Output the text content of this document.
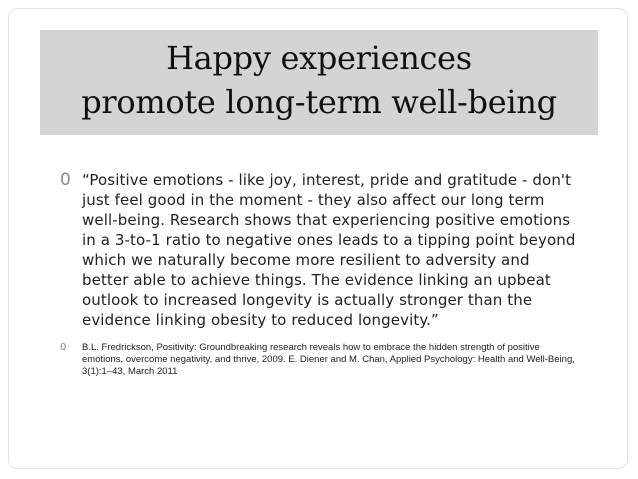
Happy experiences
promote long-term well-being
0 “Positive emotions - like joy, interest, pride and gratitude - don't just feel good in the moment - they also affect our long term well-being. Research shows that experiencing positive emotions in a 3-to-1 ratio to negative ones leads to a tipping point beyond which we naturally become more resilient to adversity and better able to achieve things. The evidence linking an upbeat outlook to increased longevity is actually stronger than the evidence linking obesity to reduced longevity.”
0 B.L. Fredrickson, Positivity: Groundbreaking research reveals how to embrace the hidden strength of positive emotions, overcome negativity, and thrive, 2009. E. Diener and M. Chan, Applied Psychology: Health and Well-Being, 3(1):1–43, March 2011
